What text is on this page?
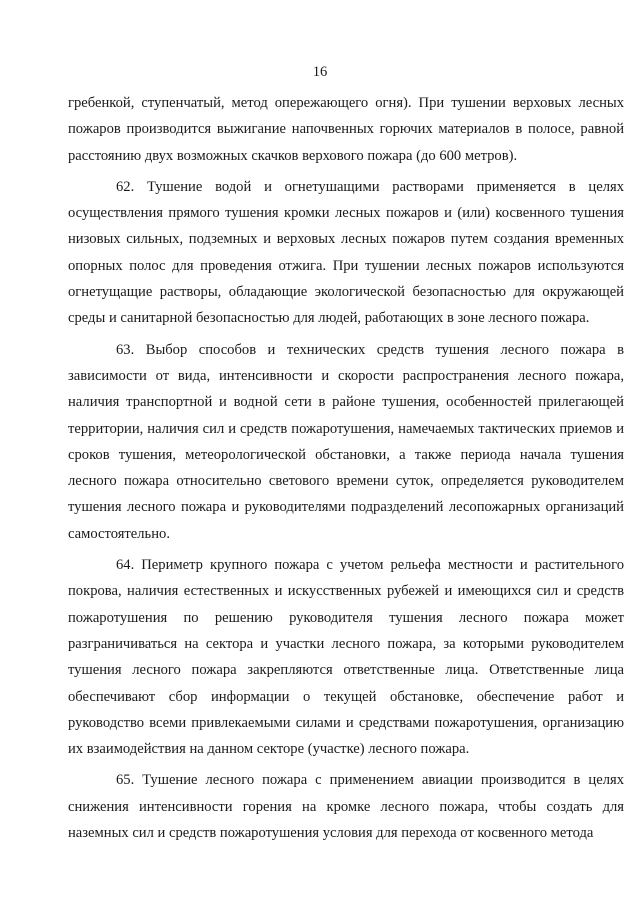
16

гребенкой, ступенчатый, метод опережающего огня). При тушении верховых лесных пожаров производится выжигание напочвенных горючих материалов в полосе, равной расстоянию двух возможных скачков верхового пожара (до 600 метров).

62. Тушение водой и огнетушащими растворами применяется в целях осуществления прямого тушения кромки лесных пожаров и (или) косвенного тушения низовых сильных, подземных и верховых лесных пожаров путем создания временных опорных полос для проведения отжига. При тушении лесных пожаров используются огнетущащие растворы, обладающие экологической безопасностью для окружающей среды и санитарной безопасностью для людей, работающих в зоне лесного пожара.

63. Выбор способов и технических средств тушения лесного пожара в зависимости от вида, интенсивности и скорости распространения лесного пожара, наличия транспортной и водной сети в районе тушения, особенностей прилегающей территории, наличия сил и средств пожаротушения, намечаемых тактических приемов и сроков тушения, метеорологической обстановки, а также периода начала тушения лесного пожара относительно светового времени суток, определяется руководителем тушения лесного пожара и руководителями подразделений лесопожарных организаций самостоятельно.

64. Периметр крупного пожара с учетом рельефа местности и растительного покрова, наличия естественных и искусственных рубежей и имеющихся сил и средств пожаротушения по решению руководителя тушения лесного пожара может разграничиваться на сектора и участки лесного пожара, за которыми руководителем тушения лесного пожара закрепляются ответственные лица. Ответственные лица обеспечивают сбор информации о текущей обстановке, обеспечение работ и руководство всеми привлекаемыми силами и средствами пожаротушения, организацию их взаимодействия на данном секторе (участке) лесного пожара.

65. Тушение лесного пожара с применением авиации производится в целях снижения интенсивности горения на кромке лесного пожара, чтобы создать для наземных сил и средств пожаротушения условия для перехода от косвенного метода
